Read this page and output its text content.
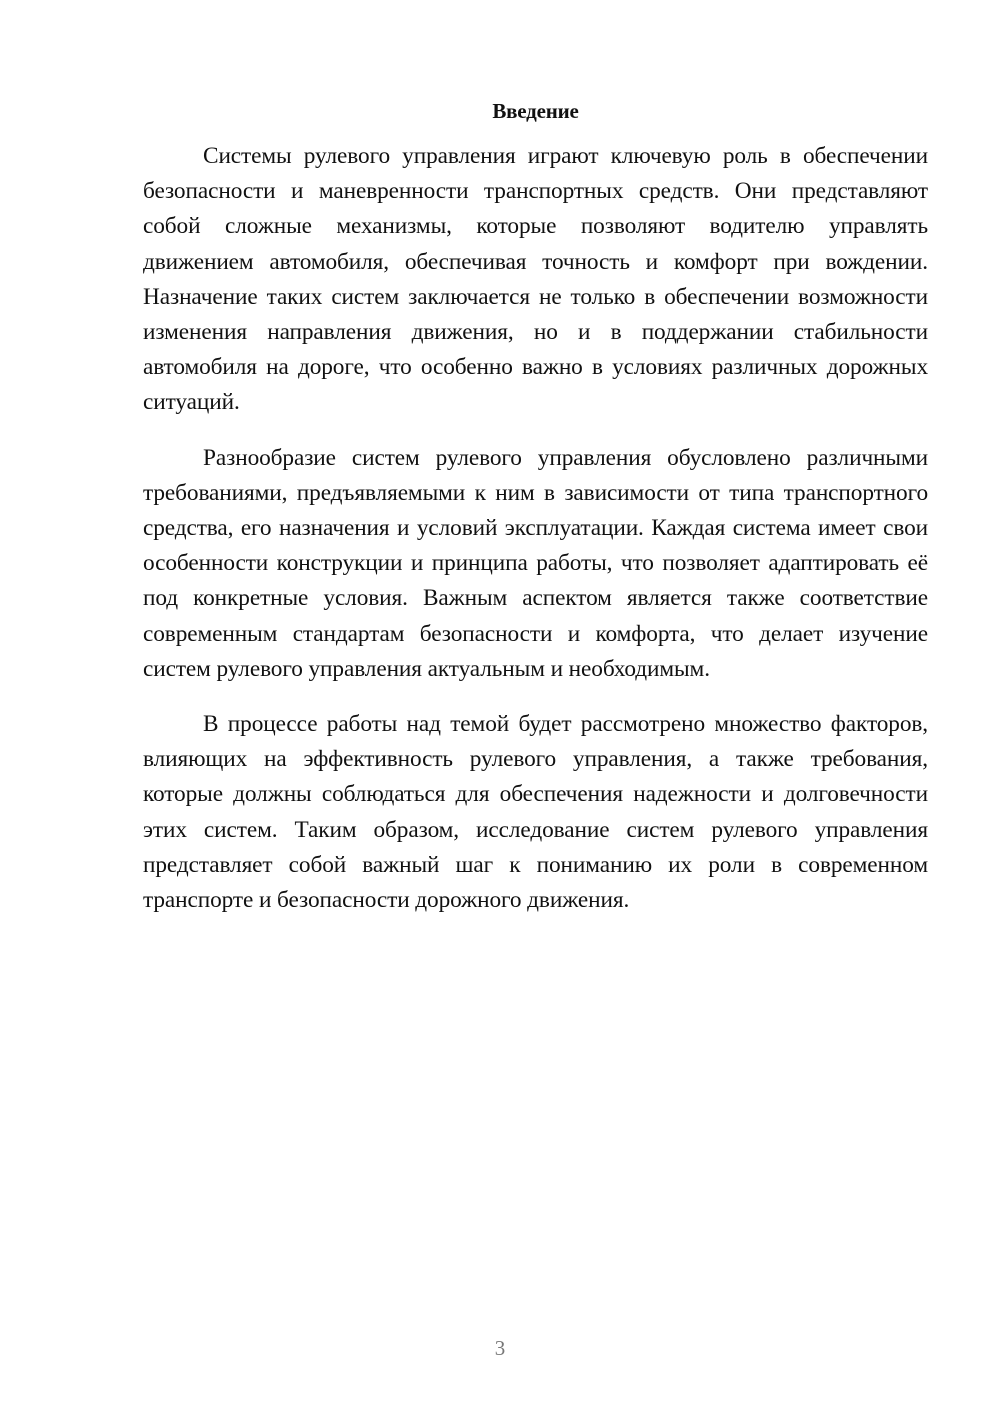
Введение

Системы рулевого управления играют ключевую роль в обеспечении безопасности и маневренности транспортных средств. Они представляют собой сложные механизмы, которые позволяют водителю управлять движением автомобиля, обеспечивая точность и комфорт при вождении. Назначение таких систем заключается не только в обеспечении возможности изменения направления движения, но и в поддержании стабильности автомобиля на дороге, что особенно важно в условиях различных дорожных ситуаций.

Разнообразие систем рулевого управления обусловлено различными требованиями, предъявляемыми к ним в зависимости от типа транспортного средства, его назначения и условий эксплуатации. Каждая система имеет свои особенности конструкции и принципа работы, что позволяет адаптировать её под конкретные условия. Важным аспектом является также соответствие современным стандартам безопасности и комфорта, что делает изучение систем рулевого управления актуальным и необходимым.

В процессе работы над темой будет рассмотрено множество факторов, влияющих на эффективность рулевого управления, а также требования, которые должны соблюдаться для обеспечения надежности и долговечности этих систем. Таким образом, исследование систем рулевого управления представляет собой важный шаг к пониманию их роли в современном транспорте и безопасности дорожного движения.

3
